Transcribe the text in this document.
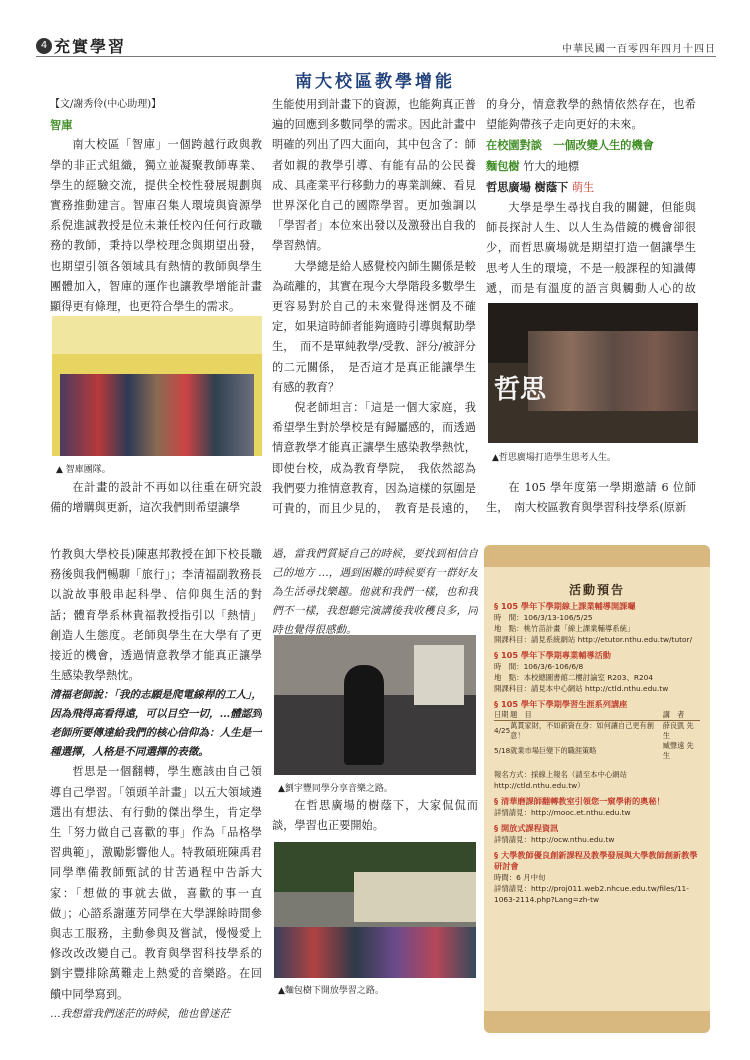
4 充實學習	中華民國一百零四年四月十四日
南大校區教學增能

【文/謝秀伶(中心助理)】

智庫

南大校區「智庫」一個跨越行政與教學的非正式組織，獨立並凝聚教師專業、學生的經驗交流，提供全校性發展規劃與實務推動建言。智庫召集人環境與資源學系倪進誠教授是位未兼任校內任何行政職務的教師，秉持以學校理念與期望出發，也期望引領各領域具有熱情的教師與學生團體加入，智庫的運作也讓教學增能計畫顯得更有條理，也更符合學生的需求。

▲ 智庫團隊。

在計畫的設計不再如以往重在研究設備的增購與更新，這次我們則希望讓學

生能使用到計畫下的資源，也能夠真正普遍的回應到多數同學的需求。因此計畫中明確的列出了四大面向，其中包含了：師者如親的教學引導、有能有品的公民養成、具產業平行移動力的專業訓練、看見世界深化自己的國際學習。更加強調以「學習者」本位來出發以及激發出自我的學習熱情。

大學總是給人感覺校內師生關係是較為疏離的，其實在現今大學階段多數學生更容易對於自己的未來覺得迷惘及不確定，如果這時師者能夠適時引導與幫助學生，　而不是單純教學/受教、評分/被評分的二元關係，　是否這才是真正能讓學生有感的教育？

倪老師坦言：「這是一個大家庭，我希望學生對於學校是有歸屬感的，而透過情意教學才能真正讓學生感染教學熱忱，即使台校，成為教育學院，　我依然認為我們要力推情意教育，因為這樣的氛圍是可貴的，而且少見的，　教育是長遠的，

的身分，情意教學的熱情依然存在，也希望能夠帶孩子走向更好的未來。

在校園對談　一個改變人生的機會

麵包樹 竹大的地標

哲思廣場 樹蔭下 萌生

大學是學生尋找自我的關鍵，但能與師長探討人生、以人生為借鏡的機會卻很少，而哲思廣場就是期望打造一個讓學生思考人生的環境，不是一般課程的知識傳遞，而是有溫度的語言與觸動人心的故

哲思
▲哲思廣場打造學生思考人生。

在 105 學年度第一學期邀請 6 位師生，　南大校區教育與學習科技學系(原新

竹教與大學校長)陳惠邦教授在卸下校長職務後與我們暢聊「旅行」；李清福副教務長以說故事般串起科學、信仰與生活的對話；體育學系林貴福教授指引以「熱情」創造人生態度。老師與學生在大學有了更接近的機會，透過情意教學才能真正讓學生感染教學熱忱。

清福老師說：「我的志願是爬電線桿的工人」，因為飛得高看得遠，可以目空一切，…體認到老師所要傳達給我們的核心信仰為：人生是一種選擇，人格是不同選擇的表徵。

哲思是一個翻轉，學生應該由自己領導自己學習。「領頭羊計畫」以五大領域遴選出有想法、有行動的傑出學生，肯定學生「努力做自己喜歡的事」作為「品格學習典範」，激勵影響他人。特教碩班陳禹君同學準備教師甄試的甘苦過程中告訴大家：「想做的事就去做，喜歡的事一直做」；心諮系謝蓮芳同學在大學課餘時間參與志工服務，主動參與及嘗試，慢慢愛上修改改改變自己。教育與學習科技學系的劉宇豐排除萬難走上熱愛的音樂路。在回饋中同學寫到。

…我想當我們迷茫的時候，他也曾迷茫

過，當我們質疑自己的時候，要找到相信自己的地方 …，遇到困難的時候要有一群好友為生活尋找樂趣。他就和我們一樣，也和我們不一樣，我想聽完演講後我收穫良多，同時也覺得很感動。

▲劉宇豐同學分享音樂之路。

在哲思廣場的樹蔭下，大家侃侃而談，學習也正要開始。

▲麵包樹下開放學習之路。
活動預告
§ 105 學年下學期線上課業輔導開課囉
時　間：106/3/13-106/5/25
地　點：桃竹苗計畫「線上課業輔導系統」
開課科目：請見系統網站 http://etutor.nthu.edu.tw/tutor/
§ 105 學年下學期專業輔導活動
時　間：106/3/6-106/6/8
地　點：本校總圖書館二樓討論室 R203、R204
開課科目：請見本中心網站 http://ctld.nthu.edu.tw
§ 105 學年下學期學習生涯系列講座
日期	題　目	講　者
4/25	萬貫家財，不如薪資在身：如何讓自己更有創意！	薛良凱 先生
5/18	就業市場巨變下的職涯策略	臧聲遠 先生
報名方式：採線上報名（請至本中心網站 http://ctld.nthu.edu.tw）
§ 清華磨課師翻轉教室引領您一窺學術的奧秘！
詳情請見：http://mooc.et.nthu.edu.tw
§ 開放式課程資訊
詳情請見：http://ocw.nthu.edu.tw
§ 大學教師優良創新課程及教學發展與大學教師創新教學研討會
時間：6 月中旬
詳情請見：http://proj011.web2.nhcue.edu.tw/files/11-1063-2114.php?Lang=zh-tw
